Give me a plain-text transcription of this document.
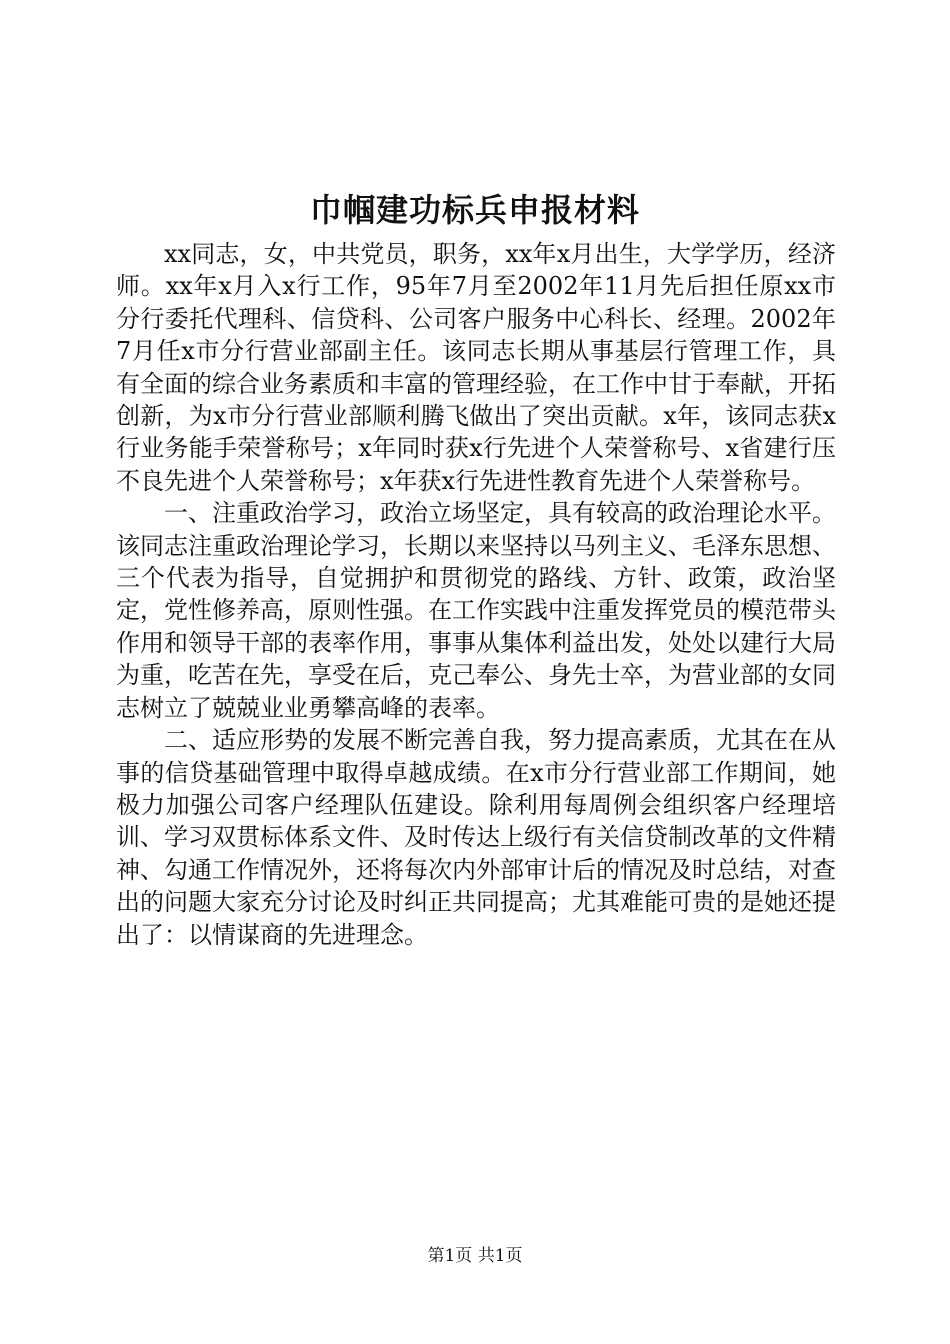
巾帼建功标兵申报材料

xx同志，女，中共党员，职务，xx年x月出生，大学学历，经济师。xx年x月入x行工作，95年7月至2002年11月先后担任原xx市分行委托代理科、信贷科、公司客户服务中心科长、经理。2002年7月任x市分行营业部副主任。该同志长期从事基层行管理工作，具有全面的综合业务素质和丰富的管理经验，在工作中甘于奉献，开拓创新，为x市分行营业部顺利腾飞做出了突出贡献。x年，该同志获x行业务能手荣誉称号；x年同时获x行先进个人荣誉称号、x省建行压不良先进个人荣誉称号；x年获x行先进性教育先进个人荣誉称号。

一、注重政治学习，政治立场坚定，具有较高的政治理论水平。该同志注重政治理论学习，长期以来坚持以马列主义、毛泽东思想、三个代表为指导，自觉拥护和贯彻党的路线、方针、政策，政治坚定，党性修养高，原则性强。在工作实践中注重发挥党员的模范带头作用和领导干部的表率作用，事事从集体利益出发，处处以建行大局为重，吃苦在先，享受在后，克己奉公、身先士卒，为营业部的女同志树立了兢兢业业勇攀高峰的表率。

二、适应形势的发展不断完善自我，努力提高素质，尤其在在从事的信贷基础管理中取得卓越成绩。在x市分行营业部工作期间，她极力加强公司客户经理队伍建设。除利用每周例会组织客户经理培训、学习双贯标体系文件、及时传达上级行有关信贷制改革的文件精神、勾通工作情况外，还将每次内外部审计后的情况及时总结，对查出的问题大家充分讨论及时纠正共同提高；尤其难能可贵的是她还提出了：以情谋商的先进理念。

第1页 共1页
